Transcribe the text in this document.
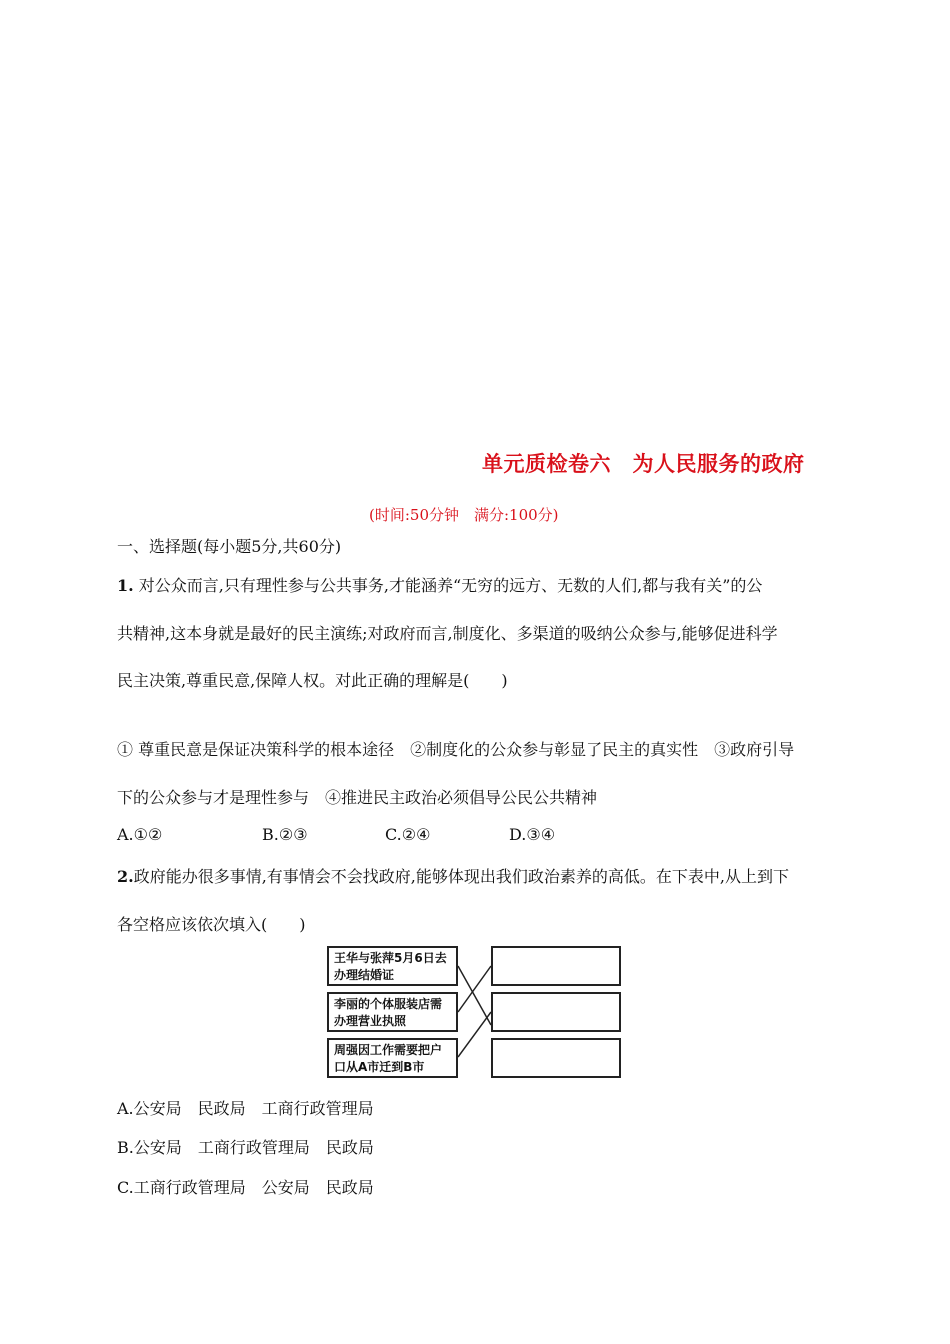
单元质检卷六　为人民服务的政府
(时间:50分钟　满分:100分)
一、选择题(每小题5分,共60分)
1. 对公众而言,只有理性参与公共事务,才能涵养“无穷的远方、无数的人们,都与我有关”的公
共精神,这本身就是最好的民主演练;对政府而言,制度化、多渠道的吸纳公众参与,能够促进科学
民主决策,尊重民意,保障人权。对此正确的理解是(　　)
① 尊重民意是保证决策科学的根本途径　②制度化的公众参与彰显了民主的真实性　③政府引导
下的公众参与才是理性参与　④推进民主政治必须倡导公民公共精神
A.①②	B.②③	C.②④	D.③④
2.政府能办很多事情,有事情会不会找政府,能够体现出我们政治素养的高低。在下表中,从上到下
各空格应该依次填入(　　)
王华与张萍5月6日去
办理结婚证
李丽的个体服装店需
办理营业执照
周强因工作需要把户
口从A市迁到B市
A.公安局　民政局　工商行政管理局
B.公安局　工商行政管理局　民政局
C.工商行政管理局　公安局　民政局
